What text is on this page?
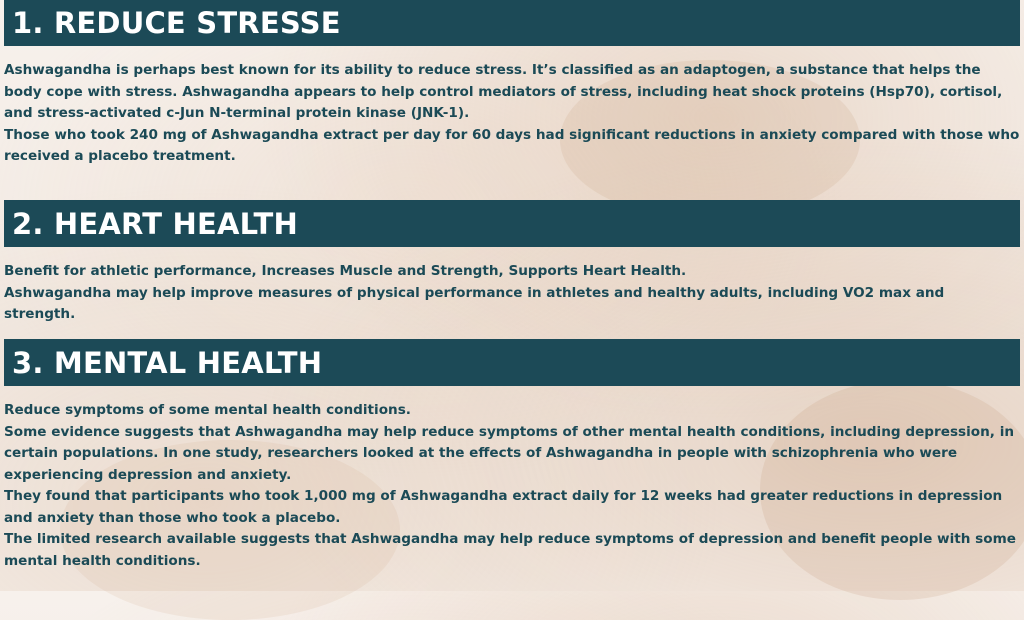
1. REDUCE STRESSE

Ashwagandha is perhaps best known for its ability to reduce stress. It’s classified as an adaptogen, a substance that helps the body cope with stress. Ashwagandha appears to help control mediators of stress, including heat shock proteins (Hsp70), cortisol, and stress-activated c-Jun N-terminal protein kinase (JNK-1).
Those who took 240 mg of Ashwagandha extract per day for 60 days had significant reductions in anxiety compared with those who received a placebo treatment.

2. HEART HEALTH

Benefit for athletic performance, Increases Muscle and Strength, Supports Heart Health.
Ashwagandha may help improve measures of physical performance in athletes and healthy adults, including VO2 max and strength.

3. MENTAL HEALTH

Reduce symptoms of some mental health conditions.
Some evidence suggests that Ashwagandha may help reduce symptoms of other mental health conditions, including depression, in certain populations. In one study, researchers looked at the effects of Ashwagandha in people with schizophrenia who were experiencing depression and anxiety.
They found that participants who took 1,000 mg of Ashwagandha extract daily for 12 weeks had greater reductions in depression and anxiety than those who took a placebo.
The limited research available suggests that Ashwagandha may help reduce symptoms of depression and benefit people with some mental health conditions.
